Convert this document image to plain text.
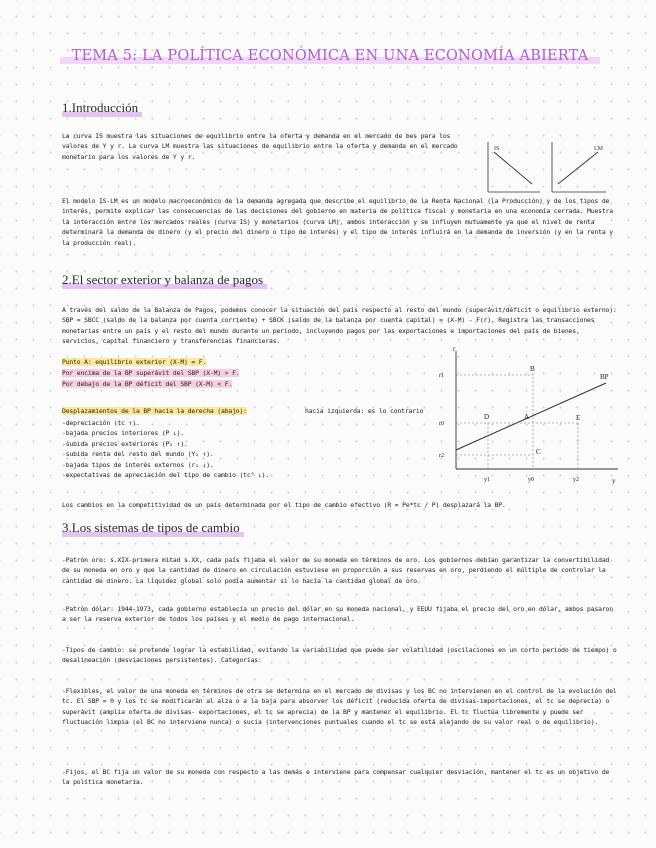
TEMA 5: LA POLÍTICA ECONÓMICA EN UNA ECONOMÍA ABIERTA
1.Introducción
La curva IS muestra las situaciones de equilibrio entre la oferta y demanda en el mercado de bes para los valores de Y y r. La curva LM muestra las situaciones de equilibrio entre la oferta y demanda en el mercado monetario para los valores de Y y r.
IS	LM
El modelo IS-LM es un modelo macroeconómico de la demanda agregada que describe el equilibrio de la Renta Nacional (la Producción) y de los tipos de interés, permite explicar las consecuencias de las decisiones del gobierno en materia de política fiscal y monetaria en una economía cerrada. Muestra la interacción entre los mercados reales (curva IS) y monetarios (curva LM), ambos interacción y se influyen mutuamente ya que el nivel de renta determinará la demanda de dinero (y el precio del dinero o tipo de interés) y el tipo de interés influirá en la demanda de inversión (y en la renta y la producción real).
2.El sector exterior y balanza de pagos
A través del saldo de la Balanza de Pagos, podemos conocer la situación del país respecto al resto del mundo (superávit/déficit o equilibrio externo): SBP = SBCC (saldo de la balanza por cuenta corriente) + SBCK (saldo de la balanza por cuenta capital) = (X-M) - F(r). Registra las transacciones monetarias entre un país y el resto del mundo durante un periodo, incluyendo pagos por las exportaciones e importaciones del país de bienes, servicios, capital financiero y transferencias financieras.
Punto A: equilibrio exterior (X-M) = F.
Por encima de la BP superávit del SBP (X-M) > F.
Por debajo de la BP déficit del SBP (X-M) < F.
Desplazamientos de la BP hacia la derecha (abajo):	hacia izquierda: es lo contrario
-depreciación (tc ↑).
-bajada precios interiores (P ↓).
-subida precios exteriores (P₂ ↑).
-subida renta del resto del mundo (Y₂ ↑).
-bajada tipos de interés externos (r₂ ↓).
-expectativas de apreciación del tipo de cambio (tc° ↓).
Los cambios en la competitividad de un país determinada por el tipo de cambio efectivo (R = Pe*tc / P) desplazará la BP.
r
y
BP
r1
r0
r2
y1	y0	y2
B
D	A	E
C
3.Los sistemas de tipos de cambio
-Patrón oro: s.XIX-primera mitad s.XX, cada país fijaba el valor de su moneda en términos de oro. Los gobiernos debían garantizar la convertibilidad de su moneda en oro y que la cantidad de dinero en circulación estuviese en proporción a sus reservas en oro, perdiendo el múltiple de controlar la cantidad de dinero. La liquidez global solo podía aumentar si lo hacía la cantidad global de oro.
-Patrón dólar: 1944-1973, cada gobierno establecía un precio del dólar en su moneda nacional, y EEUU fijaba el precio del oro en dólar, ambos pasaron a ser la reserva exterior de todos los países y el medio de pago internacional.
-Tipos de cambio: se pretende lograr la estabilidad, evitando la variabilidad que puede ser volatilidad (oscilaciones en un corto periodo de tiempo) o desalineación (desviaciones persistentes). Categorías:
-Flexibles, el valor de una moneda en términos de otra se determina en el mercado de divisas y los BC no intervienen en el control de la evolución del tc. El SBP = 0 y los tc se modificarán al alza o a la baja para absorver los déficit (reducida oferta de divisas-importaciones, el tc se deprecia) o superávit (amplia oferta de divisas- exportaciones, el tc se aprecia) de la BP y mantener el equilibrio. El tc fluctúa libremente y puede ser fluctuación limpia (el BC no interviene nunca) o sucia (intervenciones puntuales cuando el tc se está alejando de su valor real o de equilibrio).
-Fijos, el BC fija un valor de su moneda con respecto a las demás e interviene para compensar cualquier desviación, mantener el tc es un objetivo de la política monetaria.
